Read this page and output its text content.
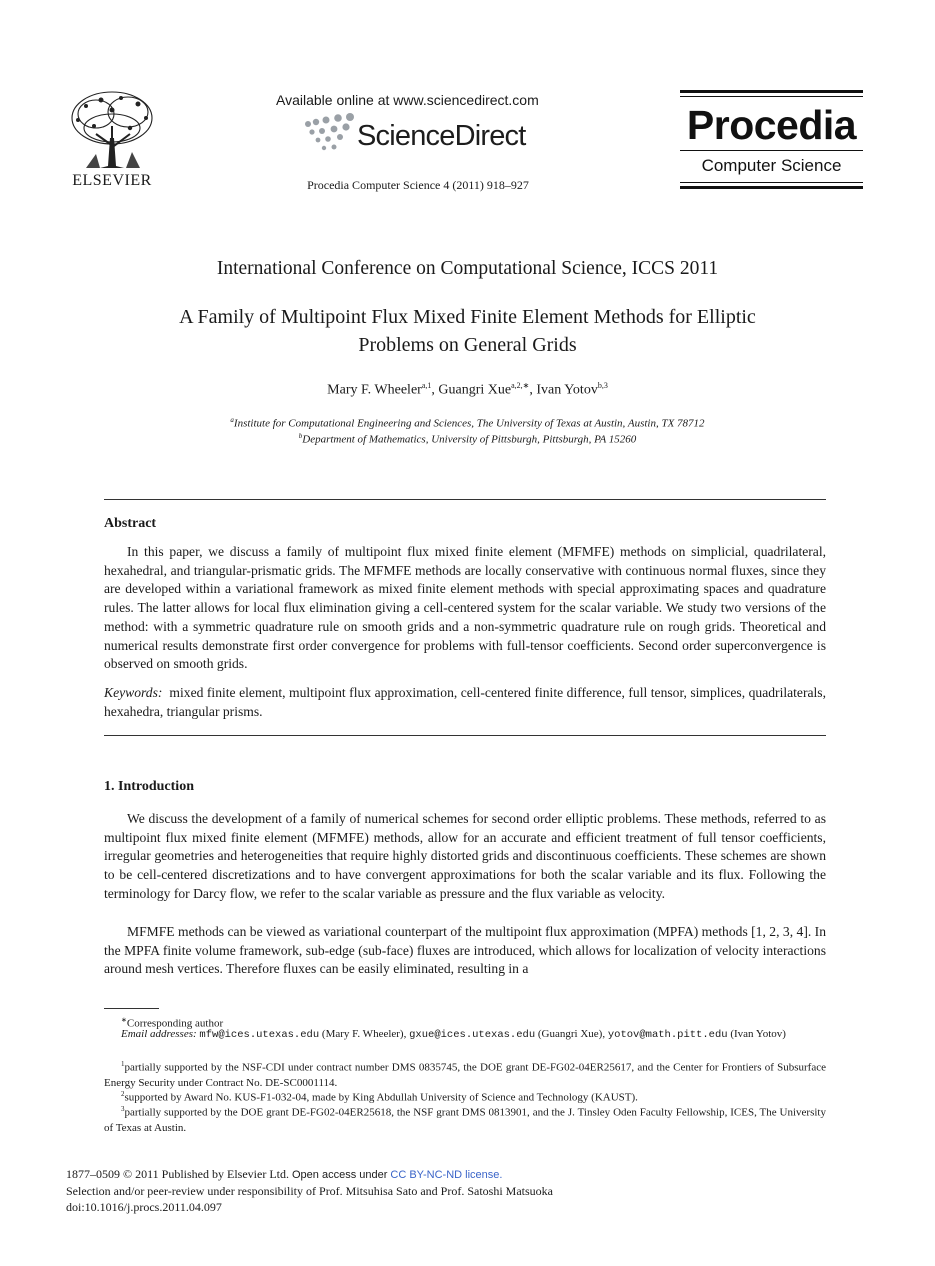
ELSEVIER
Available online at www.sciencedirect.com
ScienceDirect
Procedia Computer Science 4 (2011) 918–927
Procedia
Computer Science
International Conference on Computational Science, ICCS 2011
A Family of Multipoint Flux Mixed Finite Element Methods for Elliptic
Problems on General Grids
Mary F. Wheeler$^{a,1}$, Guangri Xue$^{a,2,∗}$, Ivan Yotov$^{b,3}$
$^a$Institute for Computational Engineering and Sciences, The University of Texas at Austin, Austin, TX 78712
$^b$Department of Mathematics, University of Pittsburgh, Pittsburgh, PA 15260
Abstract

In this paper, we discuss a family of multipoint flux mixed finite element (MFMFE) methods on simplicial, quadrilateral, hexahedral, and triangular-prismatic grids. The MFMFE methods are locally conservative with continuous normal fluxes, since they are developed within a variational framework as mixed finite element methods with special approximating spaces and quadrature rules. The latter allows for local flux elimination giving a cell-centered system for the scalar variable. We study two versions of the method: with a symmetric quadrature rule on smooth grids and a non-symmetric quadrature rule on rough grids. Theoretical and numerical results demonstrate first order convergence for problems with full-tensor coefficients. Second order superconvergence is observed on smooth grids.

Keywords: mixed finite element, multipoint flux approximation, cell-centered finite difference, full tensor, simplices, quadrilaterals, hexahedra, triangular prisms.

1. Introduction

We discuss the development of a family of numerical schemes for second order elliptic problems. These methods, referred to as multipoint flux mixed finite element (MFMFE) methods, allow for an accurate and efficient treatment of full tensor coefficients, irregular geometries and heterogeneities that require highly distorted grids and discontinuous coefficients. These schemes are shown to be cell-centered discretizations and to have convergent approximations for both the scalar variable and its flux. Following the terminology for Darcy flow, we refer to the scalar variable as pressure and the flux variable as velocity.

MFMFE methods can be viewed as variational counterpart of the multipoint flux approximation (MPFA) methods [1, 2, 3, 4]. In the MPFA finite volume framework, sub-edge (sub-face) fluxes are introduced, which allows for localization of velocity interactions around mesh vertices. Therefore fluxes can be easily eliminated, resulting in a

∗Corresponding author

Email addresses: mfw@ices.utexas.edu (Mary F. Wheeler), gxue@ices.utexas.edu (Guangri Xue), yotov@math.pitt.edu (Ivan Yotov)

$^1$partially supported by the NSF-CDI under contract number DMS 0835745, the DOE grant DE-FG02-04ER25617, and the Center for Frontiers of Subsurface Energy Security under Contract No. DE-SC0001114.

$^2$supported by Award No. KUS-F1-032-04, made by King Abdullah University of Science and Technology (KAUST).

$^3$partially supported by the DOE grant DE-FG02-04ER25618, the NSF grant DMS 0813901, and the J. Tinsley Oden Faculty Fellowship, ICES, The University of Texas at Austin.

1877–0509 © 2011 Published by Elsevier Ltd. Open access under CC BY-NC-ND license.
Selection and/or peer-review under responsibility of Prof. Mitsuhisa Sato and Prof. Satoshi Matsuoka
doi:10.1016/j.procs.2011.04.097
